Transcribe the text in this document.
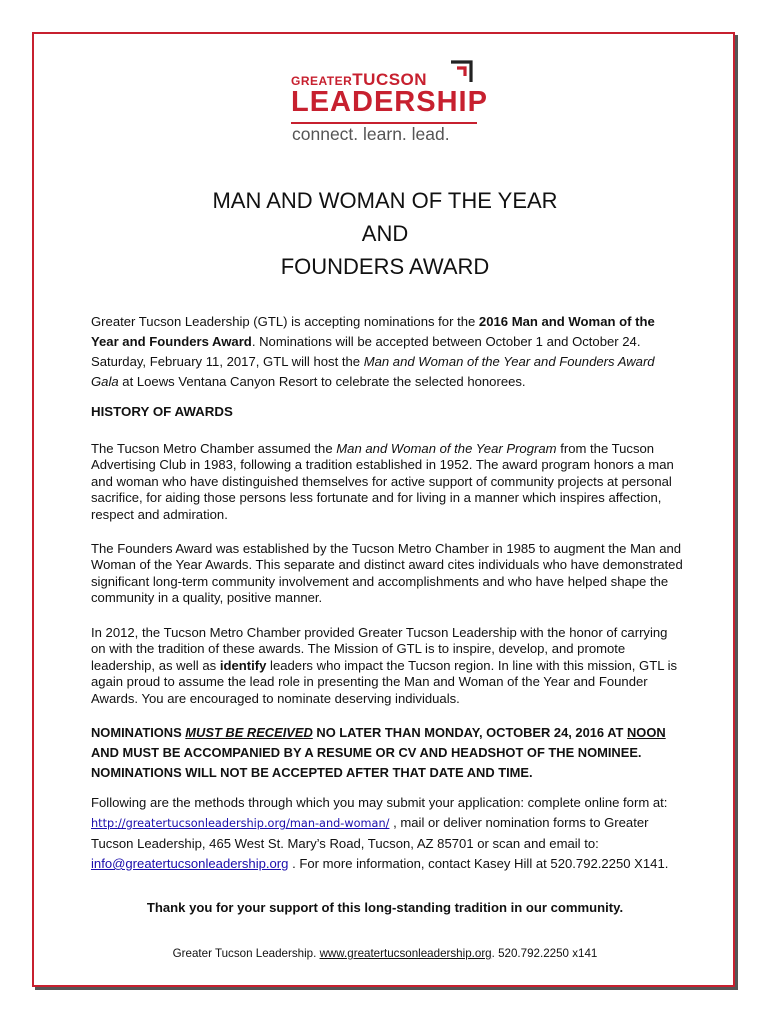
GREATERTUCSON
LEADERSHIP
connect. learn. lead.
MAN AND WOMAN OF THE YEAR
AND
FOUNDERS AWARD
Greater Tucson Leadership (GTL) is accepting nominations for the 2016 Man and Woman of the Year and Founders Award. Nominations will be accepted between October 1 and October 24. Saturday, February 11, 2017, GTL will host the Man and Woman of the Year and Founders Award Gala at Loews Ventana Canyon Resort to celebrate the selected honorees.
HISTORY OF AWARDS
The Tucson Metro Chamber assumed the Man and Woman of the Year Program from the Tucson Advertising Club in 1983, following a tradition established in 1952. The award program honors a man and woman who have distinguished themselves for active support of community projects at personal sacrifice, for aiding those persons less fortunate and for living in a manner which inspires affection, respect and admiration.
The Founders Award was established by the Tucson Metro Chamber in 1985 to augment the Man and Woman of the Year Awards. This separate and distinct award cites individuals who have demonstrated significant long-term community involvement and accomplishments and who have helped shape the community in a quality, positive manner.
In 2012, the Tucson Metro Chamber provided Greater Tucson Leadership with the honor of carrying on with the tradition of these awards. The Mission of GTL is to inspire, develop, and promote leadership, as well as identify leaders who impact the Tucson region. In line with this mission, GTL is again proud to assume the lead role in presenting the Man and Woman of the Year and Founder Awards. You are encouraged to nominate deserving individuals.
NOMINATIONS MUST BE RECEIVED NO LATER THAN MONDAY, OCTOBER 24, 2016 AT NOON AND MUST BE ACCOMPANIED BY A RESUME OR CV AND HEADSHOT OF THE NOMINEE. NOMINATIONS WILL NOT BE ACCEPTED AFTER THAT DATE AND TIME.
Following are the methods through which you may submit your application: complete online form at: http://greatertucsonleadership.org/man-and-woman/ , mail or deliver nomination forms to Greater Tucson Leadership, 465 West St. Mary’s Road, Tucson, AZ 85701 or scan and email to: info@greatertucsonleadership.org . For more information, contact Kasey Hill at 520.792.2250 X141.
Thank you for your support of this long-standing tradition in our community.
Greater Tucson Leadership. www.greatertucsonleadership.org. 520.792.2250 x141
